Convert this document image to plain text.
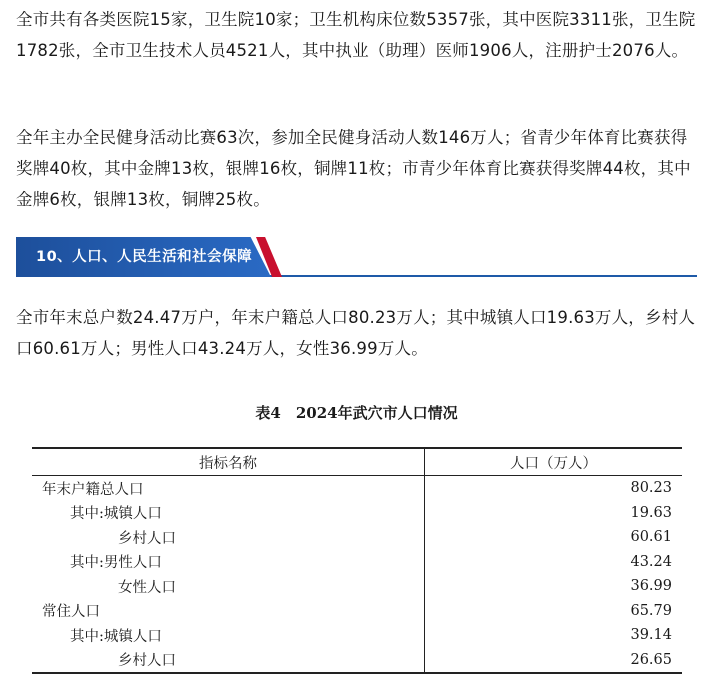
全市共有各类医院15家，卫生院10家；卫生机构床位数5357张，其中医院3311张，卫生院1782张，全市卫生技术人员4521人，其中执业（助理）医师1906人，注册护士2076人。

全年主办全民健身活动比赛63次，参加全民健身活动人数146万人；省青少年体育比赛获得奖牌40枚，其中金牌13枚，银牌16枚，铜牌11枚；市青少年体育比赛获得奖牌44枚，其中金牌6枚，银牌13枚，铜牌25枚。

10、人口、人民生活和社会保障

全市年末总户数24.47万户，年末户籍总人口80.23万人；其中城镇人口19.63万人，乡村人口60.61万人；男性人口43.24万人，女性36.99万人。

表4　2024年武穴市人口情况
指标名称	人口（万人）
年末户籍总人口	80.23
其中:城镇人口	19.63
乡村人口	60.61
其中:男性人口	43.24
女性人口	36.99
常住人口	65.79
其中:城镇人口	39.14
乡村人口	26.65
